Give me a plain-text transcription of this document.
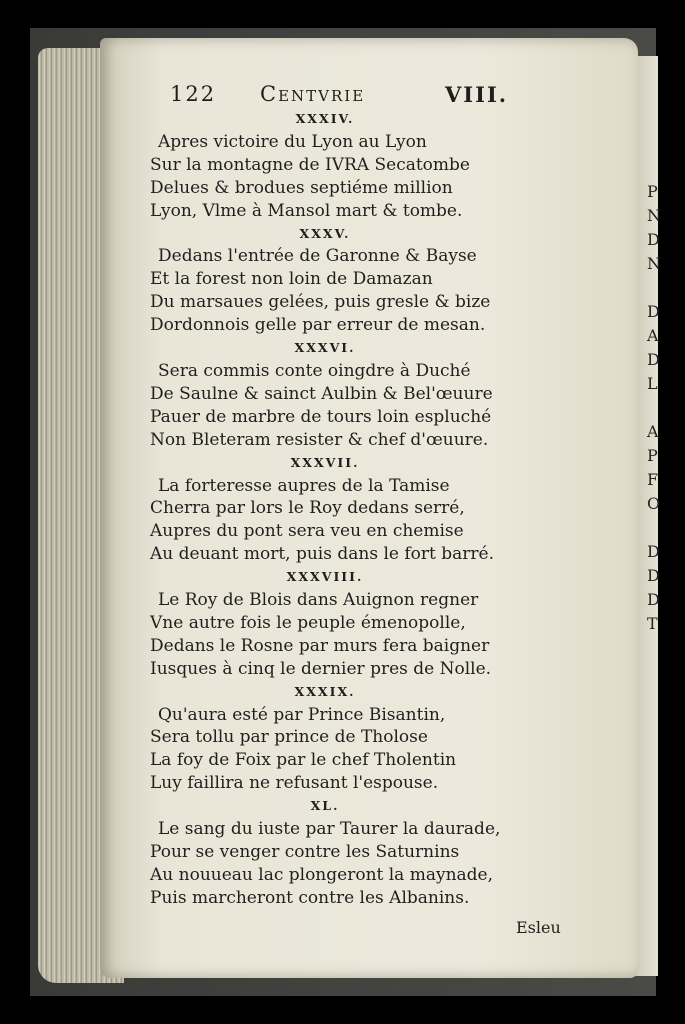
P
N
D
N
D
A
D
L
A
P
F
O
D
D
D
T
122 Centvrie	VIII.
XXXIV.
Apres victoire du Lyon au Lyon
Sur la montagne de IVRA Secatombe
Delues & brodues septiéme million
Lyon, Vlme à Mansol mart & tombe.
XXXV.
Dedans l'entrée de Garonne & Bayse
Et la forest non loin de Damazan
Du marsaues gelées, puis gresle & bize
Dordonnois gelle par erreur de mesan.
XXXVI.
Sera commis conte oingdre à Duché
De Saulne & sainct Aulbin & Bel'œuure
Pauer de marbre de tours loin espluché
Non Bleteram resister & chef d'œuure.
XXXVII.
La forteresse aupres de la Tamise
Cherra par lors le Roy dedans serré,
Aupres du pont sera veu en chemise
Au deuant mort, puis dans le fort barré.
XXXVIII.
Le Roy de Blois dans Auignon regner
Vne autre fois le peuple émenopolle,
Dedans le Rosne par murs fera baigner
Iusques à cinq le dernier pres de Nolle.
XXXIX.
Qu'aura esté par Prince Bisantin,
Sera tollu par prince de Tholose
La foy de Foix par le chef Tholentin
Luy faillira ne refusant l'espouse.
XL.
Le sang du iuste par Taurer la daurade,
Pour se venger contre les Saturnins
Au nouueau lac plongeront la maynade,
Puis marcheront contre les Albanins.
Esleu
